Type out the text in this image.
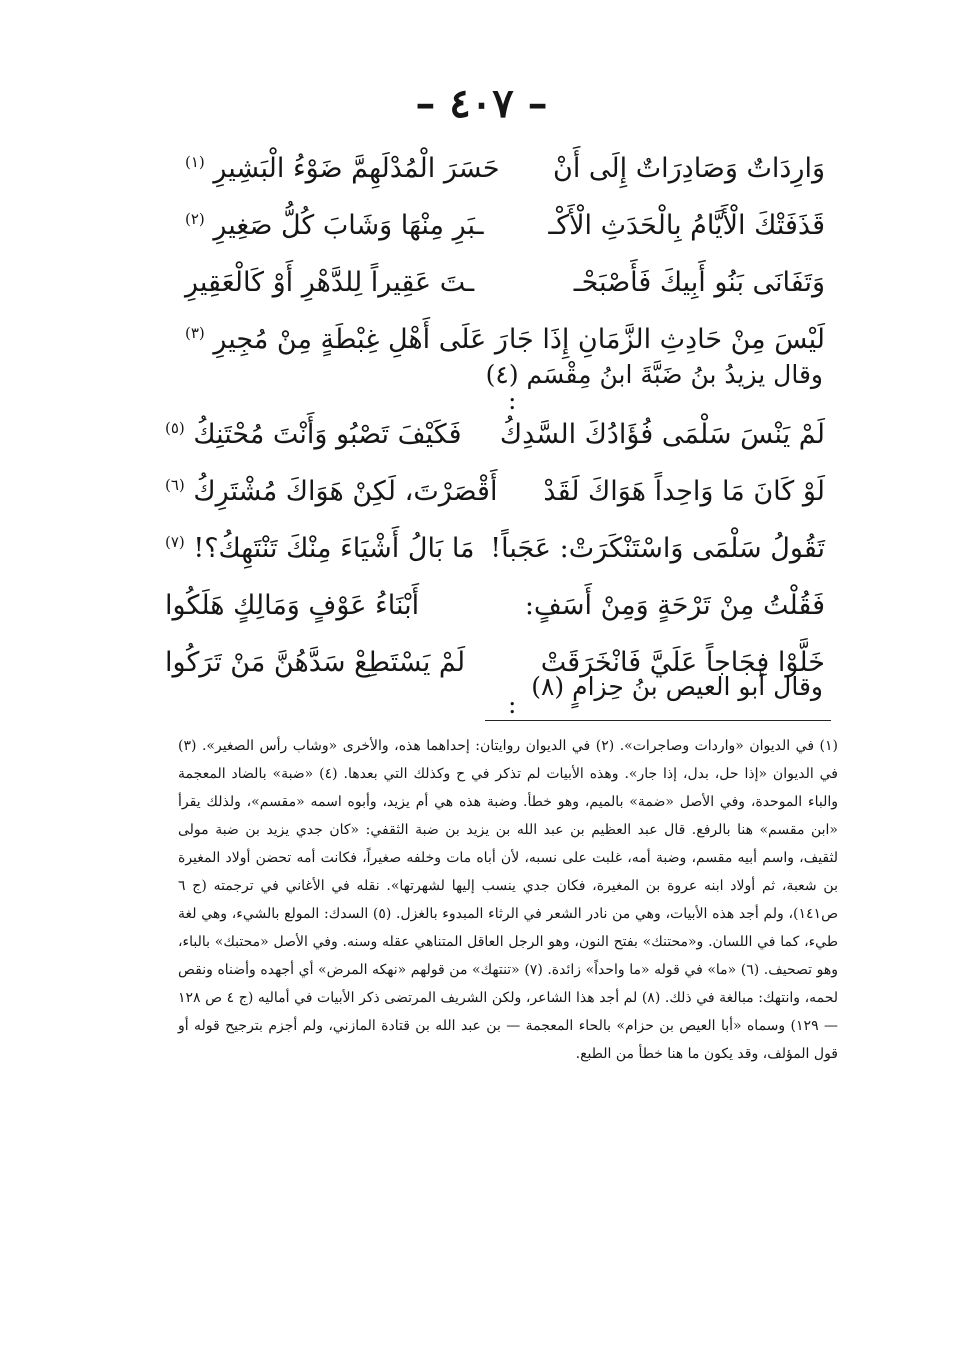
– ٤٠٧ –
وَارِدَاتٌ وَصَادِرَاتٌ إِلَى أَنْ
حَسَرَ الْمُدْلَهِمَّ ضَوْءُ الْبَشِيرِ $^{(١)}$
قَذَفَتْكَ الْأَيَّامُ بِالْحَدَثِ الْأَكْـ
ـبَرِ مِنْهَا وَشَابَ كُلُّ صَغِيرِ $^{(٢)}$
وَتَفَانَى بَنُو أَبِيكَ فَأَصْبَحْـ
ـتَ عَقِيراً لِلدَّهْرِ أَوْ كَالْعَقِيرِ
لَيْسَ مِنْ حَادِثِ الزَّمَانِ إِذَا جَا
رَ عَلَى أَهْلِ غِبْطَةٍ مِنْ مُجِيرِ $^{(٣)}$
وقال يزيدُ بنُ ضَبَّةَ ابنُ مِقْسَم (٤)
:
لَمْ يَنْسَ سَلْمَى فُؤَادُكَ السَّدِكُ
فَكَيْفَ تَصْبُو وَأَنْتَ مُحْتَنِكُ $^{(٥)}$
لَوْ كَانَ مَا وَاحِداً هَوَاكَ لَقَدْ
أَقْصَرْتَ، لَكِنْ هَوَاكَ مُشْتَرِكُ $^{(٦)}$
تَقُولُ سَلْمَى وَاسْتَنْكَرَتْ: عَجَباً!
مَا بَالُ أَشْيَاءَ مِنْكَ تَنْتَهِكُ؟! $^{(٧)}$
فَقُلْتُ مِنْ تَرْحَةٍ وَمِنْ أَسَفٍ:
أَبْنَاءُ عَوْفٍ وَمَالِكٍ هَلَكُوا
خَلَّوْا فِجَاجاً عَلَيَّ فَانْخَرَقَتْ
لَمْ يَسْتَطِعْ سَدَّهُنَّ مَنْ تَرَكُوا
وقال أبو العيص بنُ حِزامٍ (٨)
:

(١) في الديوان «واردات وصاجرات». (٢) في الديوان روايتان: إحداهما هذه، والأخرى «وشاب رأس الصغير». (٣) في الديوان «إذا حل، بدل، إذا جار». وهذه الأبيات لم تذكر في ح وكذلك التي بعدها. (٤) «ضبة» بالضاد المعجمة والباء الموحدة، وفي الأصل «ضمة» بالميم، وهو خطأ. وضبة هذه هي أم يزيد، وأبوه اسمه «مقسم»، ولذلك يقرأ «ابن مقسم» هنا بالرفع. قال عبد العظيم بن عبد الله بن يزيد بن ضبة الثقفي: «كان جدي يزيد بن ضبة مولى لثقيف، واسم أبيه مقسم، وضبة أمه، غلبت على نسبه، لأن أباه مات وخلفه صغيراً، فكانت أمه تحضن أولاد المغيرة بن شعبة، ثم أولاد ابنه عروة بن المغيرة، فكان جدي ينسب إليها لشهرتها». نقله في الأغاني في ترجمته (ج ٦ ص١٤١)، ولم أجد هذه الأبيات، وهي من نادر الشعر في الرثاء المبدوء بالغزل. (٥) السدك: المولع بالشيء، وهي لغة طيء، كما في اللسان. و«محتنك» بفتح النون، وهو الرجل العاقل المتناهي عقله وسنه. وفي الأصل «محتبك» بالباء، وهو تصحيف. (٦) «ما» في قوله «ما واحداً» زائدة. (٧) «تنتهك» من قولهم «نهكه المرض» أي أجهده وأضناه ونقص لحمه، وانتهك: مبالغة في ذلك. (٨) لم أجد هذا الشاعر، ولكن الشريف المرتضى ذكر الأبيات في أماليه (ج ٤ ص ١٢٨ — ١٢٩) وسماه «أبا العيص بن حزام» بالحاء المعجمة — بن عبد الله بن قتادة المازني، ولم أجزم بترجيح قوله أو قول المؤلف، وقد يكون ما هنا خطأ من الطبع.
